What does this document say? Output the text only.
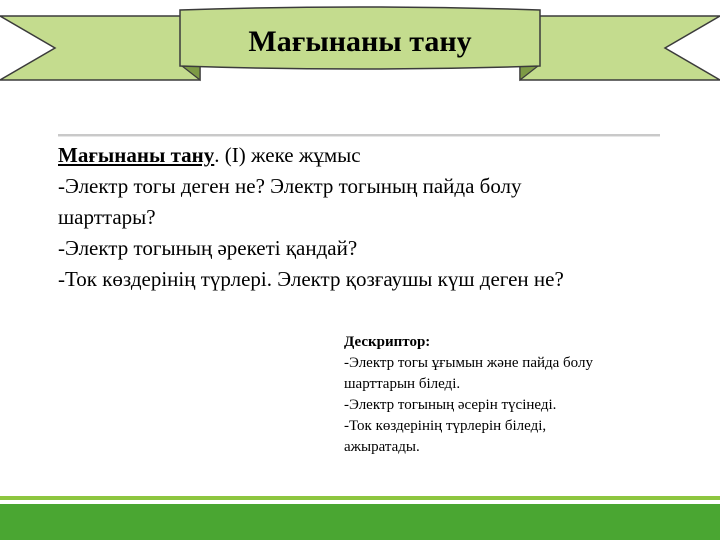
Мағынаны тану

Мағынаны тану. (I) жеке жұмыс

-Электр тогы деген не? Электр тогының пайда болу

шарттары?

-Электр тогының әрекеті қандай?

-Ток көздерінің түрлері. Электр қозғаушы күш деген не?

Дескриптор:

-Электр тогы ұғымын және пайда болу

шарттарын біледі.

-Электр тогының әсерін түсінеді.

-Ток көздерінің түрлерін біледі,

ажыратады.
